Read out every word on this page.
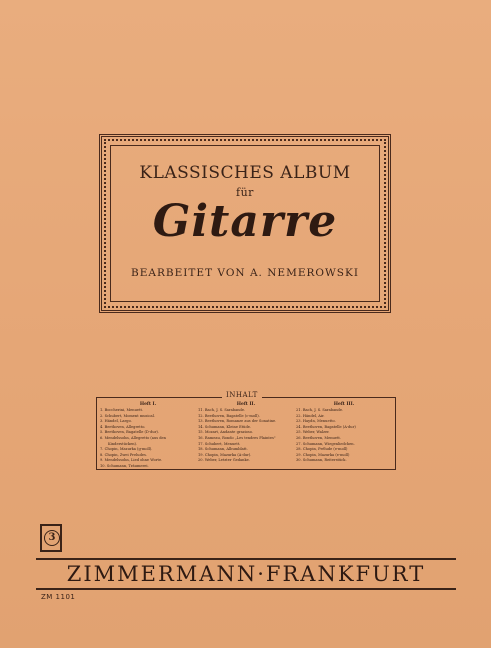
KLASSISCHES ALBUM
für
Gitarre
BEARBEITET VON A. NEMEROWSKI
INHALT
Heft I.
1. Boccherini, Menuett.
2. Schubert, Moment musical.
3. Händel, Largo.
4. Beethoven, Allegretto.
5. Beethoven, Bagatelle (D-dur).
6. Mendelssohn, Allegretto (aus den
Kinderstücken).
7. Chopin, Mazurka (g-moll).
8. Chopin, Zwei Preludes.
9. Mendelssohn, Lied ohne Worte.
10. Schumann, Träumerei.
Heft II.
11. Bach, J. S. Sarabande.
12. Beethoven, Bagatelle (c-moll).
13. Beethoven, Romanze aus der Sonatine.
14. Schumann, Kleine Etüde.
15. Mozart, Andante grazioso.
16. Rameau, Rondo „Les tendres Plaintes"
17. Schubert, Menuett.
18. Schumann, Albumblatt.
19. Chopin, Mazurka (A-dur).
20. Weber, Letzter Gedanke.
Heft III.
21. Bach, J. S. Sarabande.
22. Händel, Air.
23. Haydn, Menuetto.
24. Beethoven, Bagatelle (A-dur)
25. Weber, Walzer.
26. Beethoven, Menuett.
27. Schumann, Wiegenliedchen.
28. Chopin, Prélude (e-moll)
29. Chopin, Mazurka (e-moll)
30. Schumann, Reiterstück.
3
ZIMMERMANN·FRANKFURT
ZM 1101
